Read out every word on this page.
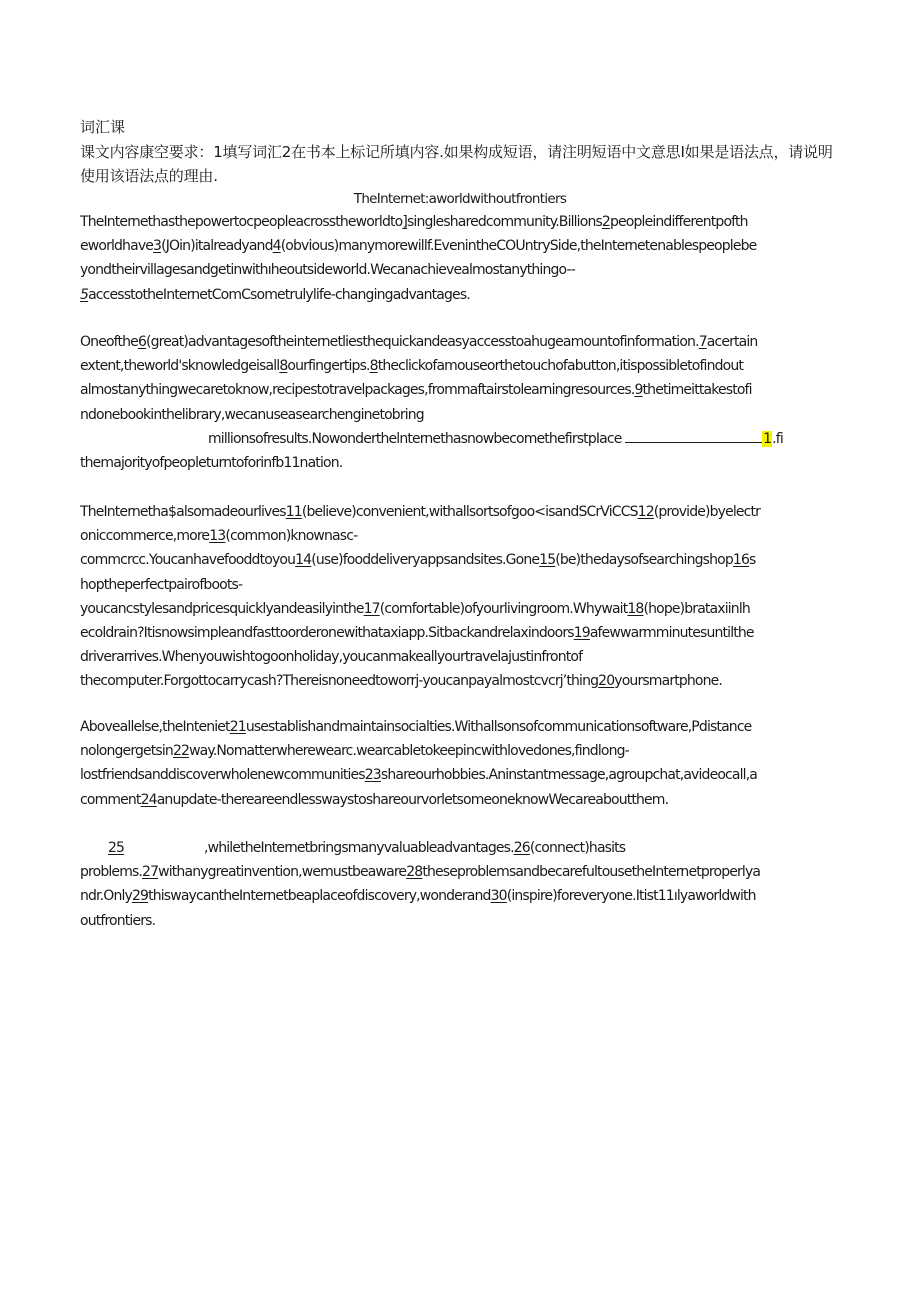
词汇课
课文内容康空要求：1填写词汇2在书本上标记所填内容.如果构成短语，请注明短语中文意思I如果是语法点，请说明使用该语法点的理由.
TheInternet:aworldwithoutfrontiers
TheInternethasthepowertocpeopleacrosstheworldto]singlesharedcommunity.Billions2peopleindifferentpofth
eworldhave3(JOin)italreadyand4(obvious)manymorewillf.EvenintheCOUntrySide,theInternetenablespeoplebe
yondtheirvillagesandgetinwithıheoutsideworld.Wecanachievealmostanythingo--
5accesstotheInternetComCsometrulylife-changingadvantages.
Oneofthe6(great)advantagesoftheinternetliesthequickandeasyaccesstoahugeamountofinformation.7acertain
extent,theworld'sknowledgeisall8ourfingertips.8theclickofamouseorthetouchofabutton,itispossibletofindout
almostanythingwecaretoknow,recipestotravelpackages,frommaftairstolearningresources.9thetimeittakestofi
ndonebookinthelibrary,wecanuseasearchenginetobring
millionsofresults.NowonderthelnternethasnowbecomethefirstpIace	1.fi
themajorityofpeopleturntoforinfb11nation.
TheInternetha$alsomadeourlives11(believe)convenient,withallsortsofgoo<isandSCrViCCS12(provide)byelectr
oniccommerce,more13(common)knownasc-
commcrcc.Youcanhavefooddtoyou14(use)fooddeliveryappsandsites.Gone15(be)thedaysofsearchingshop16s
hoptheperfectpairofboots-
youcancstylesandpricesquicklyandeasilyinthe17(comfortable)ofyourlivingroom.Whywait18(hope)brataxiinlh
ecoldrain?Itisnowsimpleandfasttoorderonewithataxiapp.Sitbackandrelaxindoors19afewwarmminutesuntilthe
driverarrives.Whenyouwishtogoonholiday,youcanmakeallyourtravelajustinfrontof
thecomputer.Forgottocarrycash?Thereisnoneedtoworrj-youcanpayalmostcvcrj’thing20yoursmartphone.
Aboveallelse,theInteniet21usestablishandmaintainsocialties.Withallsonsofcommunicationsoftware,Pdistance
nolongergetsin22way.Nomatterwherewearc.wearcabletokeepincwithlovedones,findlong-
lostfriendsanddiscoverwholenewcommunities23shareourhobbies.Aninstantmessage,agroupchat,avideocall,a
comment24anupdate-thereareendlesswaystoshareourvorletsomeoneknowWecareaboutthem.
25	,whiletheInternetbringsmanyvaluableadvantages.26(connect)hasits
problems.27withanygreatinvention,wemustbeaware28theseproblemsandbecarefultousetheInternetproperlya
ndr.Only29thiswaycantheInternetbeaplaceofdiscovery,wonderand30(inspire)foreveryone.Itist11ılyaworldwith
outfrontiers.
